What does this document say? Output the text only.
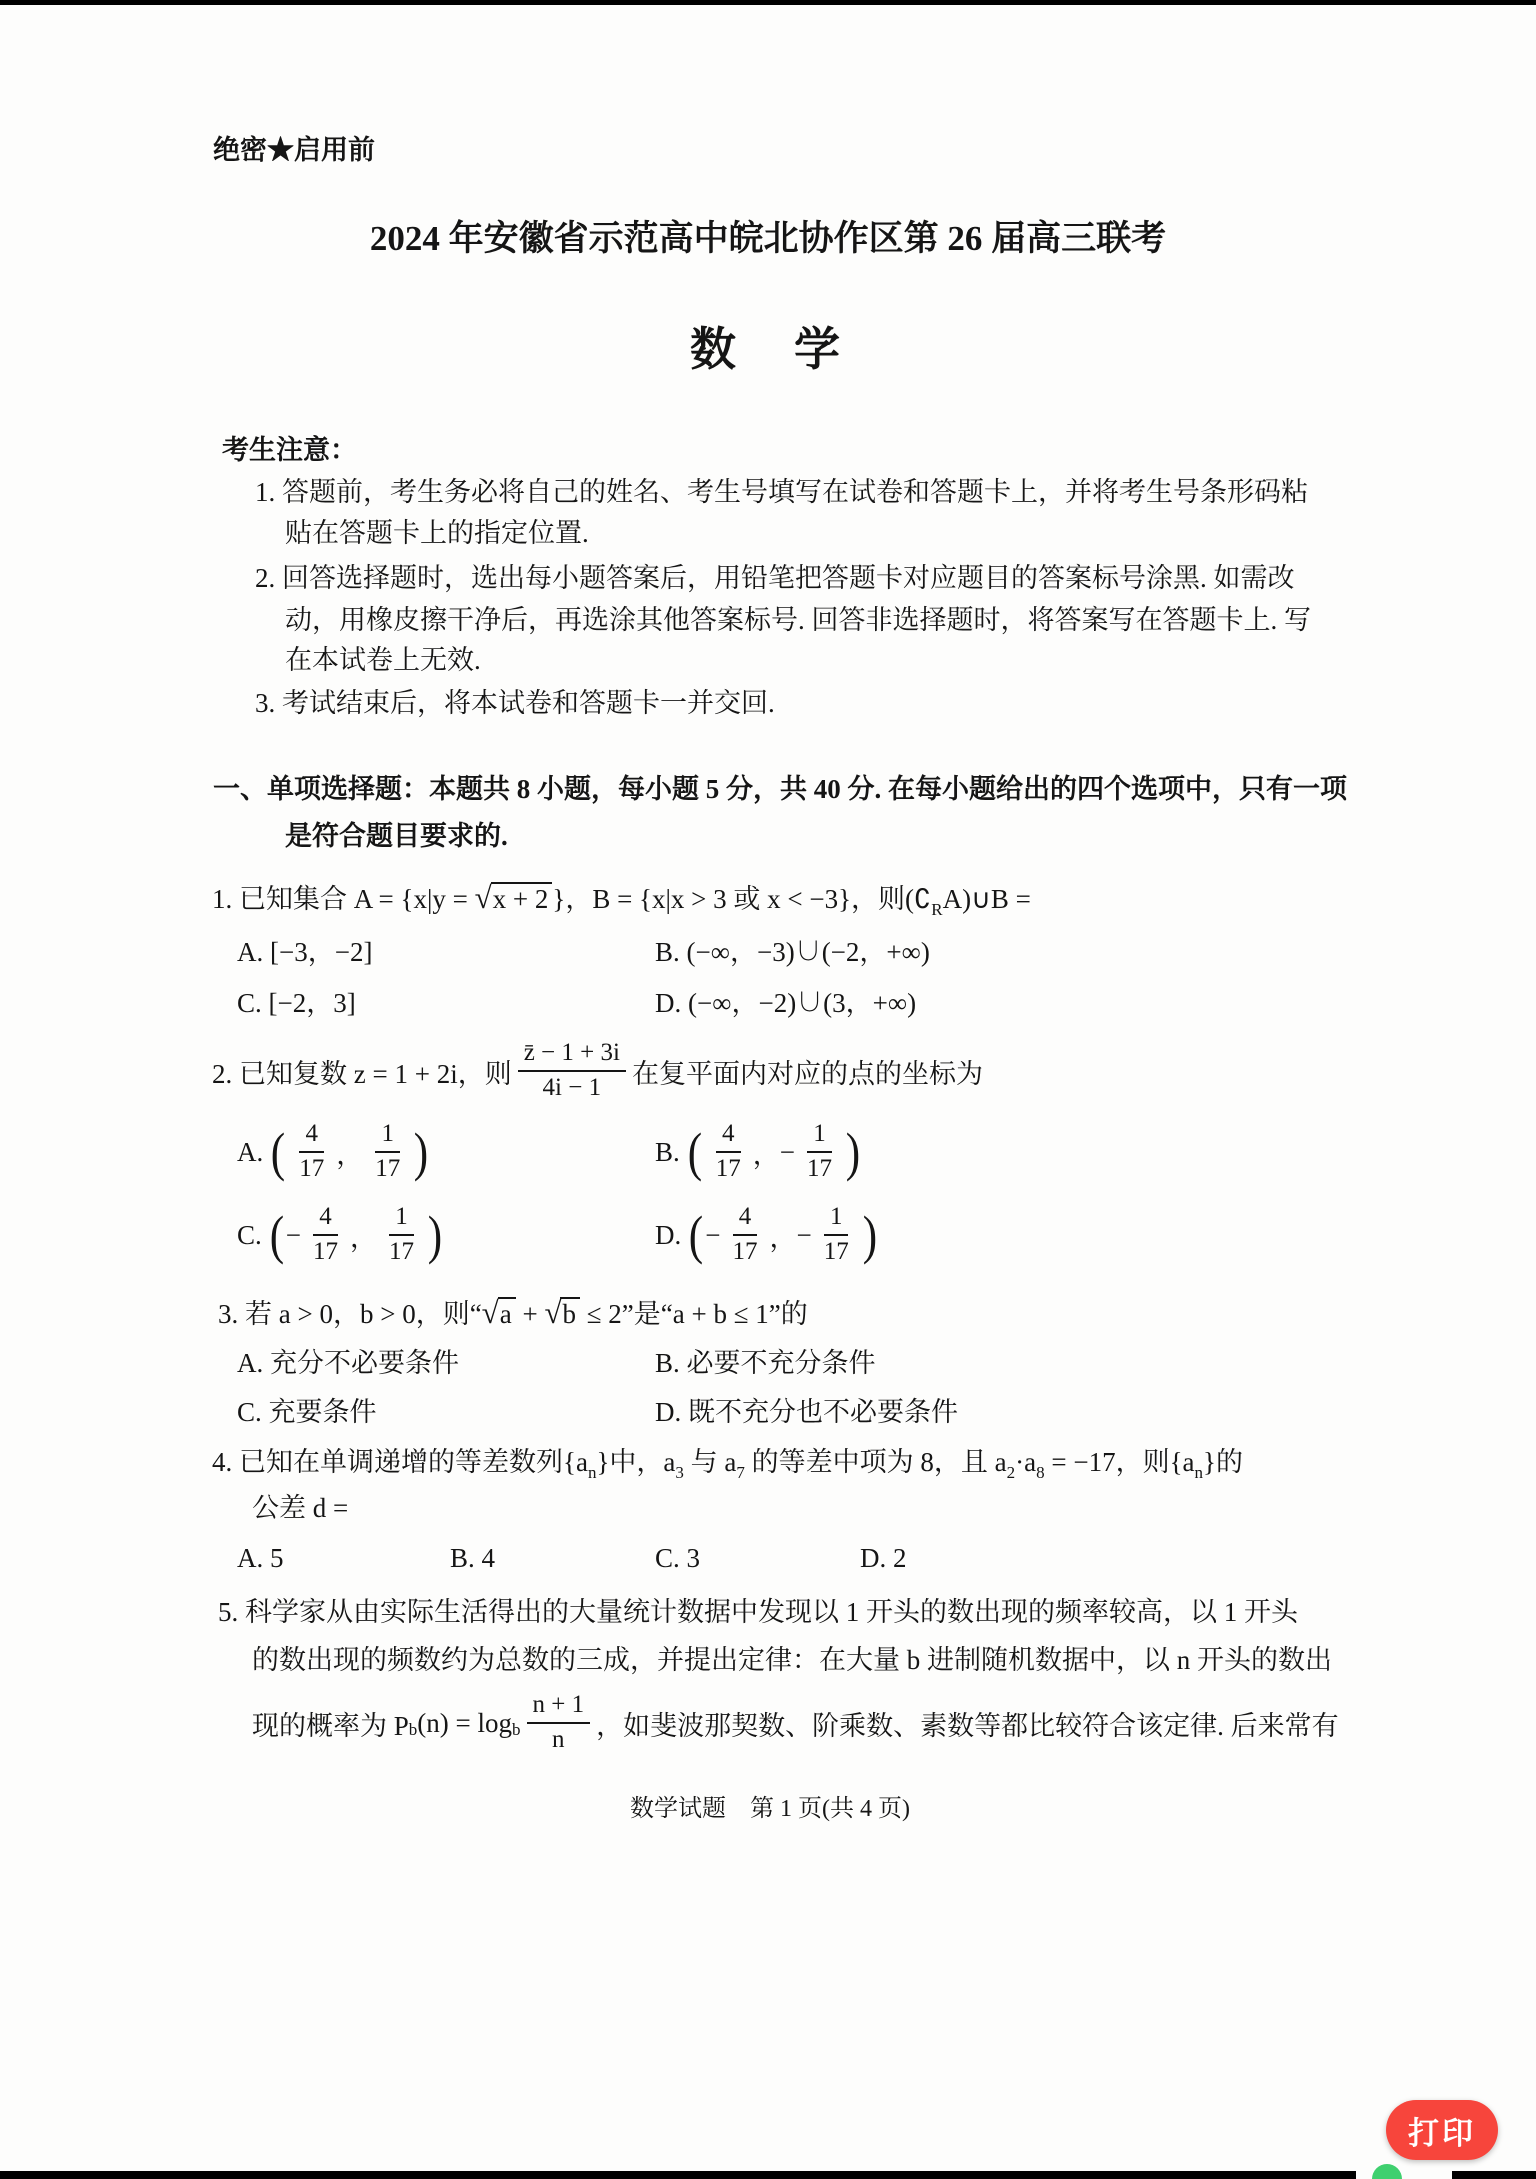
绝密★启用前
2024 年安徽省示范高中皖北协作区第 26 届高三联考
数　学
考生注意：
1. 答题前，考生务必将自己的姓名、考生号填写在试卷和答题卡上，并将考生号条形码粘
贴在答题卡上的指定位置.
2. 回答选择题时，选出每小题答案后，用铅笔把答题卡对应题目的答案标号涂黑. 如需改
动，用橡皮擦干净后，再选涂其他答案标号. 回答非选择题时，将答案写在答题卡上. 写
在本试卷上无效.
3. 考试结束后，将本试卷和答题卡一并交回.
一、单项选择题：本题共 8 小题，每小题 5 分，共 40 分. 在每小题给出的四个选项中，只有一项
是符合题目要求的.
1. 已知集合 A = {x|y = √x + 2 }，B = {x|x > 3 或 x < −3}，则$(∁_RA)\cup B$ =
A. [−3，−2]	B. (−∞，−3)∪(−2，+∞)
C. [−2，3]	D. (−∞，−2)∪(3，+∞)
2. 已知复数 z = 1 + 2i，则 $\frac{z̄ - 1 + 3i}{4i - 1}$ 在复平面内对应的点的坐标为
A. ( $\frac{4}{17}$ ， $\frac{1}{17}$ )	B. ( $\frac{4}{17}$ ， − $\frac{1}{17}$ )
C. ( − $\frac{4}{17}$ ， $\frac{1}{17}$ )	D. ( − $\frac{4}{17}$ ， − $\frac{1}{17}$ )
3. 若 a > 0，b > 0，则“√a + √b ≤ 2”是“a + b ≤ 1”的
A. 充分不必要条件	B. 必要不充分条件
C. 充要条件	D. 既不充分也不必要条件
4. 已知在单调递增的等差数列$\{a_n\}$中，$a_3$ 与 $a_7$ 的等差中项为 8，且 $a_2\cdot a_8 = -17$，则$\{a_n\}$的
公差 d =
A. 5	B. 4	C. 3	D. 2
5. 科学家从由实际生活得出的大量统计数据中发现以 1 开头的数出现的频率较高，以 1 开头
的数出现的频数约为总数的三成，并提出定律：在大量 b 进制随机数据中，以 n 开头的数出
现的概率为 P b (n) = log b $\frac{n + 1}{n}$ ，如斐波那契数、阶乘数、素数等都比较符合该定律. 后来常有
数学试题　第 1 页(共 4 页)
打印
